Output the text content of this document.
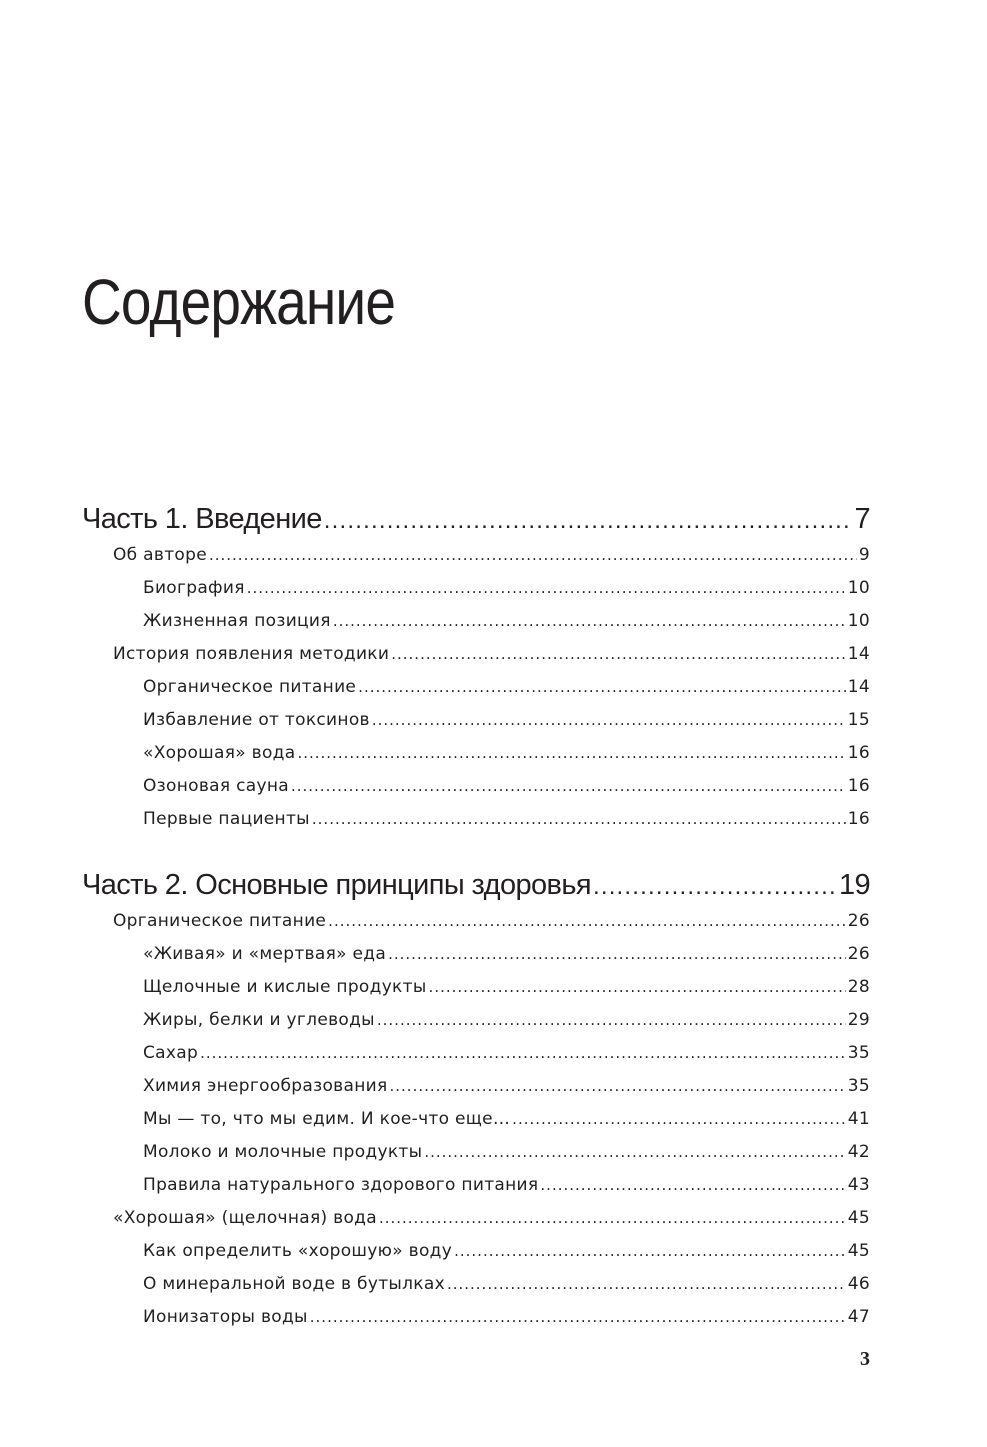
Содержание
Часть 1. Введение .....	7
Об авторе .....	9
Биография .....	10
Жизненная позиция .....	10
История появления методики .....	14
Органическое питание .....	14
Избавление от токсинов .....	15
«Хорошая» вода .....	16
Озоновая сауна .....	16
Первые пациенты .....	16
Часть 2. Основные принципы здоровья .....	19
Органическое питание .....	26
«Живая» и «мертвая» еда .....	26
Щелочные и кислые продукты .....	28
Жиры, белки и углеводы .....	29
Сахар .....	35
Химия энергообразования .....	35
Мы — то, что мы едим. И кое-что еще… .....	41
Молоко и молочные продукты .....	42
Правила натурального здорового питания .....	43
«Хорошая» (щелочная) вода .....	45
Как определить «хорошую» воду .....	45
О минеральной воде в бутылках .....	46
Ионизаторы воды .....	47
3
